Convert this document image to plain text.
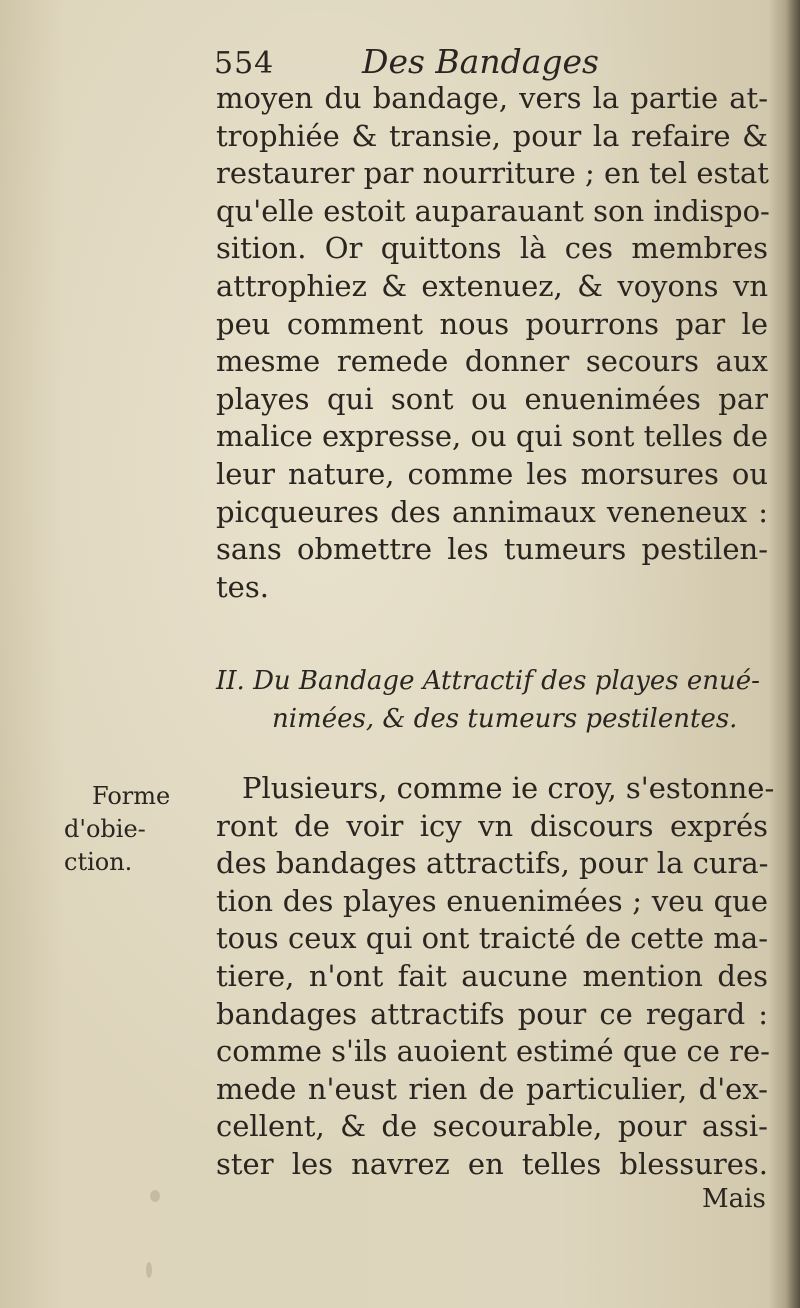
554	Des Bandages
moyen du bandage, vers la partie at-
trophiée & transie, pour la refaire &
restaurer par nourriture ; en tel estat
qu'elle estoit auparauant son indispo-
sition. Or quittons là ces membres
attrophiez & extenuez, & voyons vn
peu comment nous pourrons par le
mesme remede donner secours aux
playes qui sont ou enuenimées par
malice expresse, ou qui sont telles de
leur nature, comme les morsures ou
picqueures des annimaux veneneux :
sans obmettre les tumeurs pestilen-
tes.
II. Du Bandage Attractif des playes enué-
nimées, & des tumeurs pestilentes.
Forme
d'obie-
ction.
Plusieurs, comme ie croy, s'estonne-
ront de voir icy vn discours exprés
des bandages attractifs, pour la cura-
tion des playes enuenimées ; veu que
tous ceux qui ont traicté de cette ma-
tiere, n'ont fait aucune mention des
bandages attractifs pour ce regard :
comme s'ils auoient estimé que ce re-
mede n'eust rien de particulier, d'ex-
cellent, & de secourable, pour assi-
ster les navrez en telles blessures.
Mais
